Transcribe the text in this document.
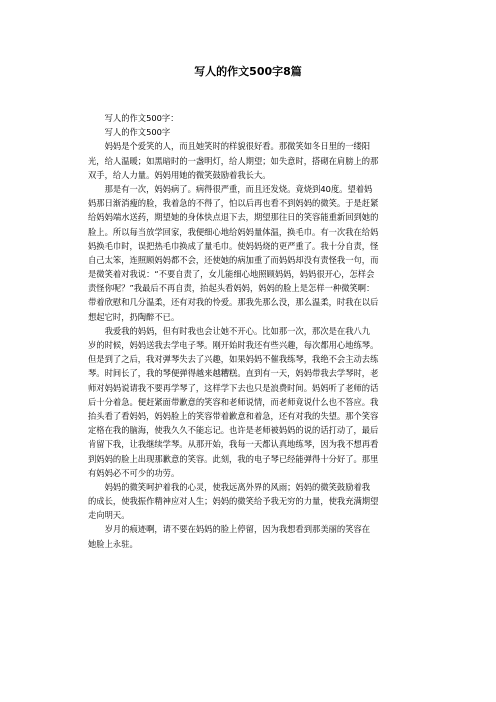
写人的作文500字8篇
　　写人的作文500字：
　　写人的作文500字
　　妈妈是个爱笑的人，而且她笑时的样貌很好看。那微笑如冬日里的一缕阳
光，给人温暖；如黑暗时的一盏明灯，给人期望；如失意时，搭砌在肩膀上的那
双手，给人力量。妈妈用她的微笑鼓励着我长大。
　　那是有一次，妈妈病了。病得很严重，而且还发烧。竟烧到40度。望着妈
妈那日渐消瘦的脸，我着急的不得了，怕以后再也看不到妈妈的微笑。于是赶紧
给妈妈端水送药，期望她的身体快点退下去，期望那往日的笑容能重新回到她的
脸上。所以每当放学回家，我便细心地给妈妈量体温，换毛巾。有一次我在给妈
妈换毛巾时，误把热毛巾换成了量毛巾。使妈妈烧的更严重了。我十分自责，怪
自己太笨，连照顾妈妈都不会，还使她的病加重了而妈妈却没有责怪我一句，而
是微笑着对我说：“不要自责了，女儿能细心地照顾妈妈，妈妈很开心，怎样会
责怪你呢？”我最后不再自责，抬起头看妈妈，妈妈的脸上是怎样一种微笑啊：
带着欣慰和几分温柔，还有对我的怜爱。那我先那么没，那么温柔，时我在以后
想起它时，扔陶醉不已。
　　我爱我的妈妈，但有时我也会让她不开心。比如那一次，那次是在我八九
岁的时候，妈妈送我去学电子琴。刚开始时我还有些兴趣，每次都用心地练琴。
但是到了之后，我对弹琴失去了兴趣，如果妈妈不催我练琴，我绝不会主动去练
琴。时间长了，我的琴便弹得越来越糟糕。直到有一天，妈妈带我去学琴时，老
师对妈妈说请我不要再学琴了，这样学下去也只是浪费时间。妈妈听了老师的话
后十分着急。便赶紧面带歉意的笑容和老师说情，而老师竟说什么也不答应。我
抬头看了看妈妈，妈妈脸上的笑容带着歉意和着急，还有对我的失望。那个笑容
定格在我的脑海，使我久久不能忘记。也许是老师被妈妈的说的话打动了，最后
肯留下我，让我继续学琴。从那开始，我每一天都认真地练琴，因为我不想再看
到妈妈的脸上出现那歉意的笑容。此刻，我的电子琴已经能弹得十分好了。那里
有妈妈必不可少的功劳。
　　妈妈的微笑呵护着我的心灵，使我远离外界的风雨；妈妈的微笑鼓励着我
的成长，使我振作精神应对人生；妈妈的微笑给予我无穷的力量，使我充满期望
走向明天。
　　岁月的痕迹啊，请不要在妈妈的脸上停留，因为我想看到那美丽的笑容在
她脸上永驻。
